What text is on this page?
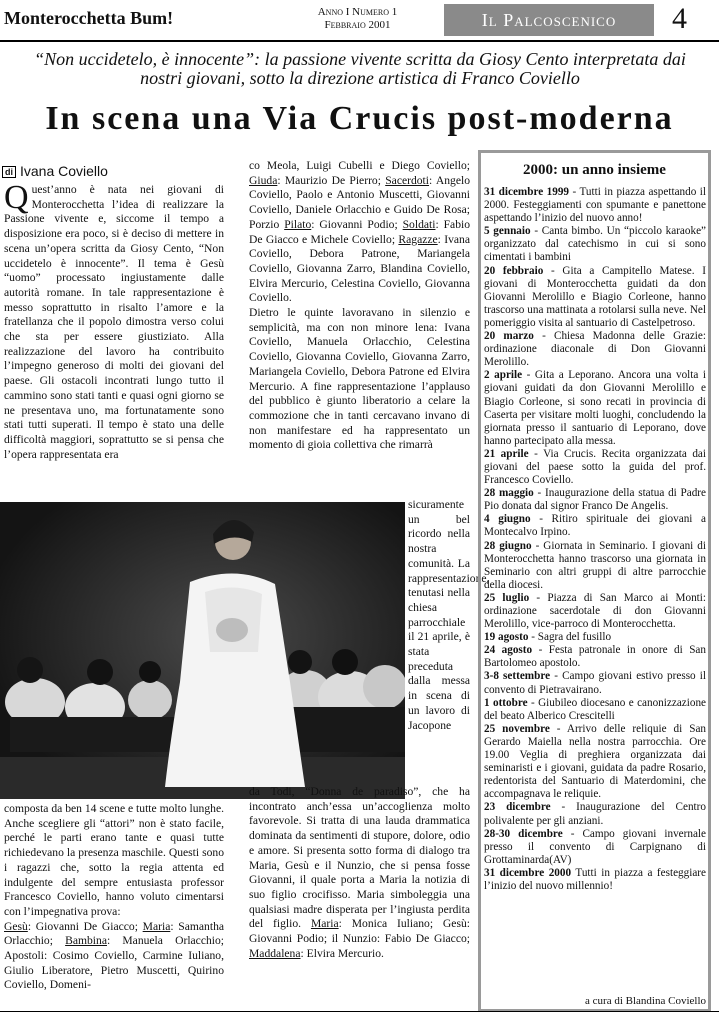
Monterocchetta Bum!	Anno I Numero 1
Febbraio 2001	Il Palcoscenico	4
“Non uccidetelo, è innocente”: la passione vivente scritta da Giosy Cento interpretata dai nostri giovani, sotto la direzione artistica di Franco Coviello
In scena una Via Crucis post-moderna
di Ivana Coviello
Q uest’anno è nata nei giovani di Monterocchetta l’idea di realizzare la Passione vivente e, siccome il tempo a disposizione era poco, si è deciso di mettere in scena un’opera scritta da Giosy Cento, “Non uccidetelo è innocente”. Il tema è Gesù “uomo” processato ingiustamente dalle autorità romane. In tale rappresentazione è messo soprattutto in risalto l’amore e la fratellanza che il popolo dimostra verso colui che sta per essere giustiziato. Alla realizzazione del lavoro ha contribuito l’impegno generoso di molti dei giovani del paese. Gli ostacoli incontrati lungo tutto il cammino sono stati tanti e quasi ogni giorno se ne presentava uno, ma fortunatamente sono stati tutti superati. Il tempo è stato una delle difficoltà maggiori, soprattutto se si pensa che l’opera rappresentata era

composta da ben 14 scene e tutte molto lunghe. Anche scegliere gli “attori” non è stato facile, perché le parti erano tante e quasi tutte richiedevano la presenza maschile. Questi sono i ragazzi che, sotto la regia attenta ed indulgente del sempre entusiasta professor Francesco Coviello, hanno voluto cimentarsi con l’impegnativa prova:

Gesù: Giovanni De Giacco; Maria: Samantha Orlacchio; Bambina: Manuela Orlacchio; Apostoli: Cosimo Coviello, Carmine Iuliano, Giulio Liberatore, Pietro Muscetti, Quirino Coviello, Domeni-

co Meola, Luigi Cubelli e Diego Coviello; Giuda: Maurizio De Pierro; Sacerdoti: Angelo Coviello, Paolo e Antonio Muscetti, Giovanni Coviello, Daniele Orlacchio e Guido De Rosa; Porzio Pilato: Giovanni Podio; Soldati: Fabio De Giacco e Michele Coviello; Ragazze: Ivana Coviello, Debora Patrone, Mariangela Coviello, Giovanna Zarro, Blandina Coviello, Elvira Mercurio, Celestina Coviello, Giovanna Coviello.

Dietro le quinte lavoravano in silenzio e semplicità, ma con non minore lena: Ivana Coviello, Manuela Orlacchio, Celestina Coviello, Giovanna Coviello, Giovanna Zarro, Mariangela Coviello, Debora Patrone ed Elvira Mercurio. A fine rappresentazione l’applauso del pubblico è giunto liberatorio a celare la commozione che in tanti cercavano invano di non manifestare ed ha rappresentato un momento di gioia collettiva che rimarrà

sicuramente un bel ricordo nella nostra comunità. La rappresentazione, tenutasi nella chiesa parrocchiale il 21 aprile, è stata preceduta dalla messa in scena di un lavoro di Jacopone

da Todi, “Donna de paradiso”, che ha incontrato anch’essa un’accoglienza molto favorevole. Si tratta di una lauda drammatica dominata da sentimenti di stupore, dolore, odio e amore. Si presenta sotto forma di dialogo tra Maria, Gesù e il Nunzio, che si pensa fosse Giovanni, il quale porta a Maria la notizia di suo figlio crocifisso. Maria simboleggia una qualsiasi madre disperata per l’ingiusta perdita del figlio. Maria: Monica Iuliano; Gesù: Giovanni Podio; il Nunzio: Fabio De Giacco; Maddalena: Elvira Mercurio.

2000: un anno insieme

31 dicembre 1999 - Tutti in piazza aspettando il 2000. Festeggiamenti con spumante e panettone aspettando l’inizio del nuovo anno!

5 gennaio - Canta bimbo. Un “piccolo karaoke” organizzato dal catechismo in cui si sono cimentati i bambini

20 febbraio - Gita a Campitello Matese. I giovani di Monterocchetta guidati da don Giovanni Merolillo e Biagio Corleone, hanno trascorso una mattinata a rotolarsi sulla neve. Nel pomeriggio visita al santuario di Castelpetroso.

20 marzo - Chiesa Madonna delle Grazie: ordinazione diaconale di Don Giovanni Merolillo.

2 aprile - Gita a Leporano. Ancora una volta i giovani guidati da don Giovanni Merolillo e Biagio Corleone, si sono recati in provincia di Caserta per visitare molti luoghi, concludendo la giornata presso il santuario di Leporano, dove hanno partecipato alla messa.

21 aprile - Via Crucis. Recita organizzata dai giovani del paese sotto la guida del prof. Francesco Coviello.

28 maggio - Inaugurazione della statua di Padre Pio donata dal signor Franco De Angelis.

4 giugno - Ritiro spirituale dei giovani a Montecalvo Irpino.

28 giugno - Giornata in Seminario. I giovani di Monterocchetta hanno trascorso una giornata in Seminario con altri gruppi di altre parrocchie della diocesi.

25 luglio - Piazza di San Marco ai Monti: ordinazione sacerdotale di don Giovanni Merolillo, vice-parroco di Monterocchetta.

19 agosto - Sagra del fusillo

24 agosto - Festa patronale in onore di San Bartolomeo apostolo.

3-8 settembre - Campo giovani estivo presso il convento di Pietravairano.

1 ottobre - Giubileo diocesano e canonizzazione del beato Alberico Crescitelli

25 novembre - Arrivo delle reliquie di San Gerardo Maiella nella nostra parrocchia. Ore 19.00 Veglia di preghiera organizzata dai seminaristi e i giovani, guidata da padre Rosario, redentorista del Santuario di Materdomini, che accompagnava le reliquie.

23 dicembre - Inaugurazione del Centro polivalente per gli anziani.

28-30 dicembre - Campo giovani invernale presso il convento di Carpignano di Grottaminarda(AV)

31 dicembre 2000 Tutti in piazza a festeggiare l’inizio del nuovo millennio!

a cura di Blandina Coviello
